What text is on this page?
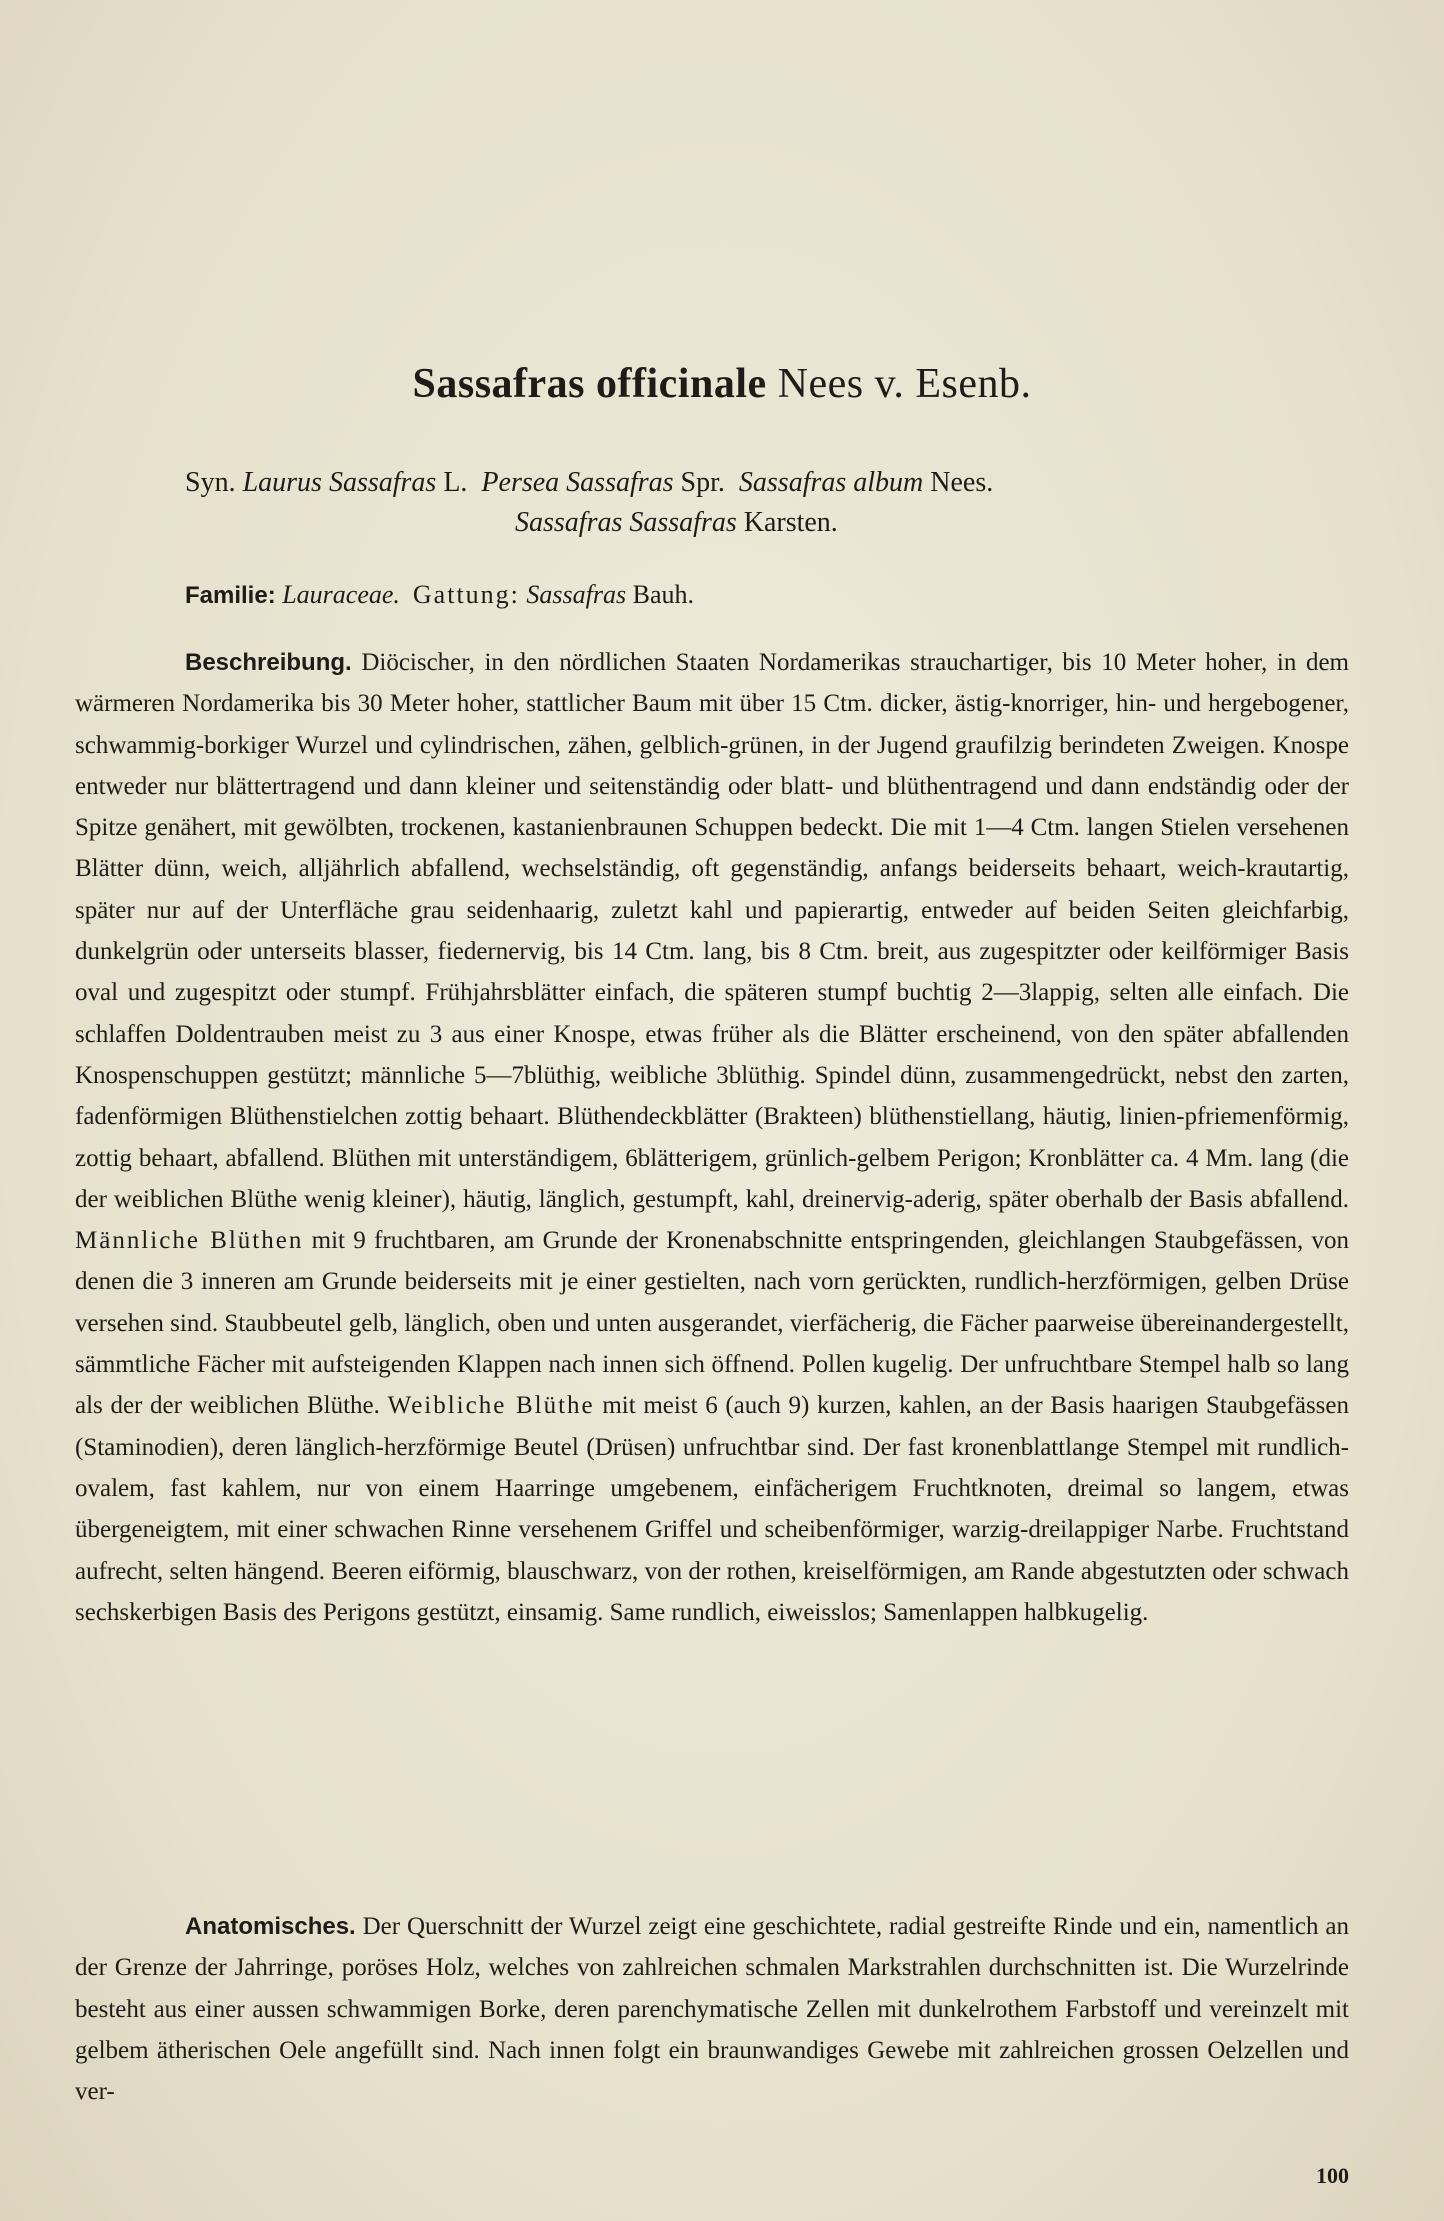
Sassafras officinale Nees v. Esenb.
Syn. Laurus Sassafras L. Persea Sassafras Spr. Sassafras album Nees.
Sassafras Sassafras Karsten.
Familie: Lauraceae. Gattung: Sassafras Bauh.
Beschreibung. Diöcischer, in den nördlichen Staaten Nordamerikas strauchartiger, bis 10 Meter hoher, in dem wärmeren Nordamerika bis 30 Meter hoher, stattlicher Baum mit über 15 Ctm. dicker, ästig-knorriger, hin- und hergebogener, schwammig-borkiger Wurzel und cylindrischen, zähen, gelblich-grünen, in der Jugend graufilzig berindeten Zweigen. Knospe entweder nur blättertragend und dann kleiner und seitenständig oder blatt- und blüthentragend und dann endständig oder der Spitze genähert, mit gewölbten, trockenen, kastanienbraunen Schuppen bedeckt. Die mit 1—4 Ctm. langen Stielen versehenen Blätter dünn, weich, alljährlich abfallend, wechselständig, oft gegenständig, anfangs beiderseits behaart, weich-krautartig, später nur auf der Unterfläche grau seidenhaarig, zuletzt kahl und papierartig, entweder auf beiden Seiten gleichfarbig, dunkelgrün oder unterseits blasser, fiedernervig, bis 14 Ctm. lang, bis 8 Ctm. breit, aus zugespitzter oder keilförmiger Basis oval und zugespitzt oder stumpf. Frühjahrsblätter einfach, die späteren stumpf buchtig 2—3lappig, selten alle einfach. Die schlaffen Doldentrauben meist zu 3 aus einer Knospe, etwas früher als die Blätter erscheinend, von den später abfallenden Knospenschuppen gestützt; männliche 5—7blüthig, weibliche 3blüthig. Spindel dünn, zusammengedrückt, nebst den zarten, fadenförmigen Blüthenstielchen zottig behaart. Blüthendeckblätter (Brakteen) blüthenstiellang, häutig, linien-pfriemenförmig, zottig behaart, abfallend. Blüthen mit unterständigem, 6blätterigem, grünlich-gelbem Perigon; Kronblätter ca. 4 Mm. lang (die der weiblichen Blüthe wenig kleiner), häutig, länglich, gestumpft, kahl, dreinervig-aderig, später oberhalb der Basis abfallend. Männliche Blüthen mit 9 fruchtbaren, am Grunde der Kronenabschnitte entspringenden, gleichlangen Staubgefässen, von denen die 3 inneren am Grunde beiderseits mit je einer gestielten, nach vorn gerückten, rundlich-herzförmigen, gelben Drüse versehen sind. Staubbeutel gelb, länglich, oben und unten ausgerandet, vierfächerig, die Fächer paarweise übereinandergestellt, sämmtliche Fächer mit aufsteigenden Klappen nach innen sich öffnend. Pollen kugelig. Der unfruchtbare Stempel halb so lang als der der weiblichen Blüthe. Weibliche Blüthe mit meist 6 (auch 9) kurzen, kahlen, an der Basis haarigen Staubgefässen (Staminodien), deren länglich-herzförmige Beutel (Drüsen) unfruchtbar sind. Der fast kronenblattlange Stempel mit rundlich-ovalem, fast kahlem, nur von einem Haarringe umgebenem, einfächerigem Fruchtknoten, dreimal so langem, etwas übergeneigtem, mit einer schwachen Rinne versehenem Griffel und scheibenförmiger, warzig-dreilappiger Narbe. Fruchtstand aufrecht, selten hängend. Beeren eiförmig, blauschwarz, von der rothen, kreiselförmigen, am Rande abgestutzten oder schwach sechskerbigen Basis des Perigons gestützt, einsamig. Same rundlich, eiweisslos; Samenlappen halbkugelig.
Anatomisches. Der Querschnitt der Wurzel zeigt eine geschichtete, radial gestreifte Rinde und ein, namentlich an der Grenze der Jahrringe, poröses Holz, welches von zahlreichen schmalen Markstrahlen durchschnitten ist. Die Wurzelrinde besteht aus einer aussen schwammigen Borke, deren parenchymatische Zellen mit dunkelrothem Farbstoff und vereinzelt mit gelbem ätherischen Oele angefüllt sind. Nach innen folgt ein braunwandiges Gewebe mit zahlreichen grossen Oelzellen und ver-
100
